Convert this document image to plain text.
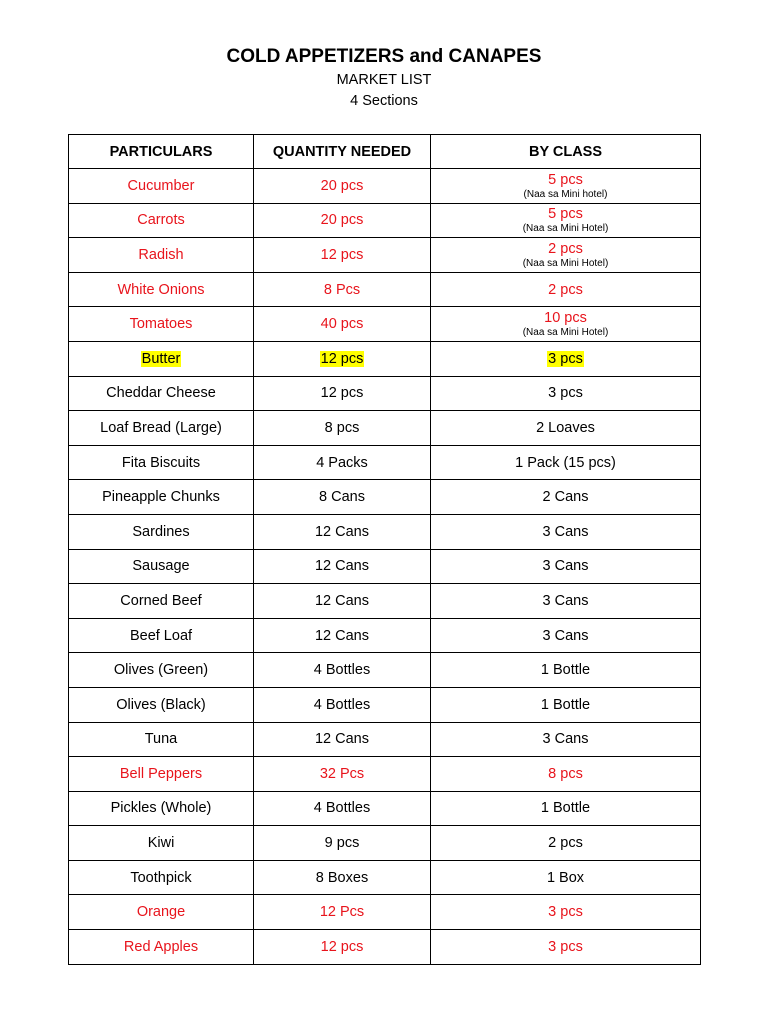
COLD APPETIZERS and CANAPES
MARKET LIST
4 Sections
PARTICULARS	QUANTITY NEEDED	BY CLASS
Cucumber	20 pcs	5 pcs
(Naa sa Mini hotel)

Carrots	20 pcs	5 pcs
(Naa sa Mini Hotel)

Radish	12 pcs	2 pcs
(Naa sa Mini Hotel)

White Onions	8 Pcs	2 pcs
Tomatoes	40 pcs	10 pcs
(Naa sa Mini Hotel)

Butter	12 pcs	3 pcs
Cheddar Cheese	12 pcs	3 pcs
Loaf Bread (Large)	8 pcs	2 Loaves
Fita Biscuits	4 Packs	1 Pack (15 pcs)
Pineapple Chunks	8 Cans	2 Cans
Sardines	12 Cans	3 Cans
Sausage	12 Cans	3 Cans
Corned Beef	12 Cans	3 Cans
Beef Loaf	12 Cans	3 Cans
Olives (Green)	4 Bottles	1 Bottle
Olives (Black)	4 Bottles	1 Bottle
Tuna	12 Cans	3 Cans
Bell Peppers	32 Pcs	8 pcs
Pickles (Whole)	4 Bottles	1 Bottle
Kiwi	9 pcs	2 pcs
Toothpick	8 Boxes	1 Box
Orange	12 Pcs	3 pcs
Red Apples	12 pcs	3 pcs
